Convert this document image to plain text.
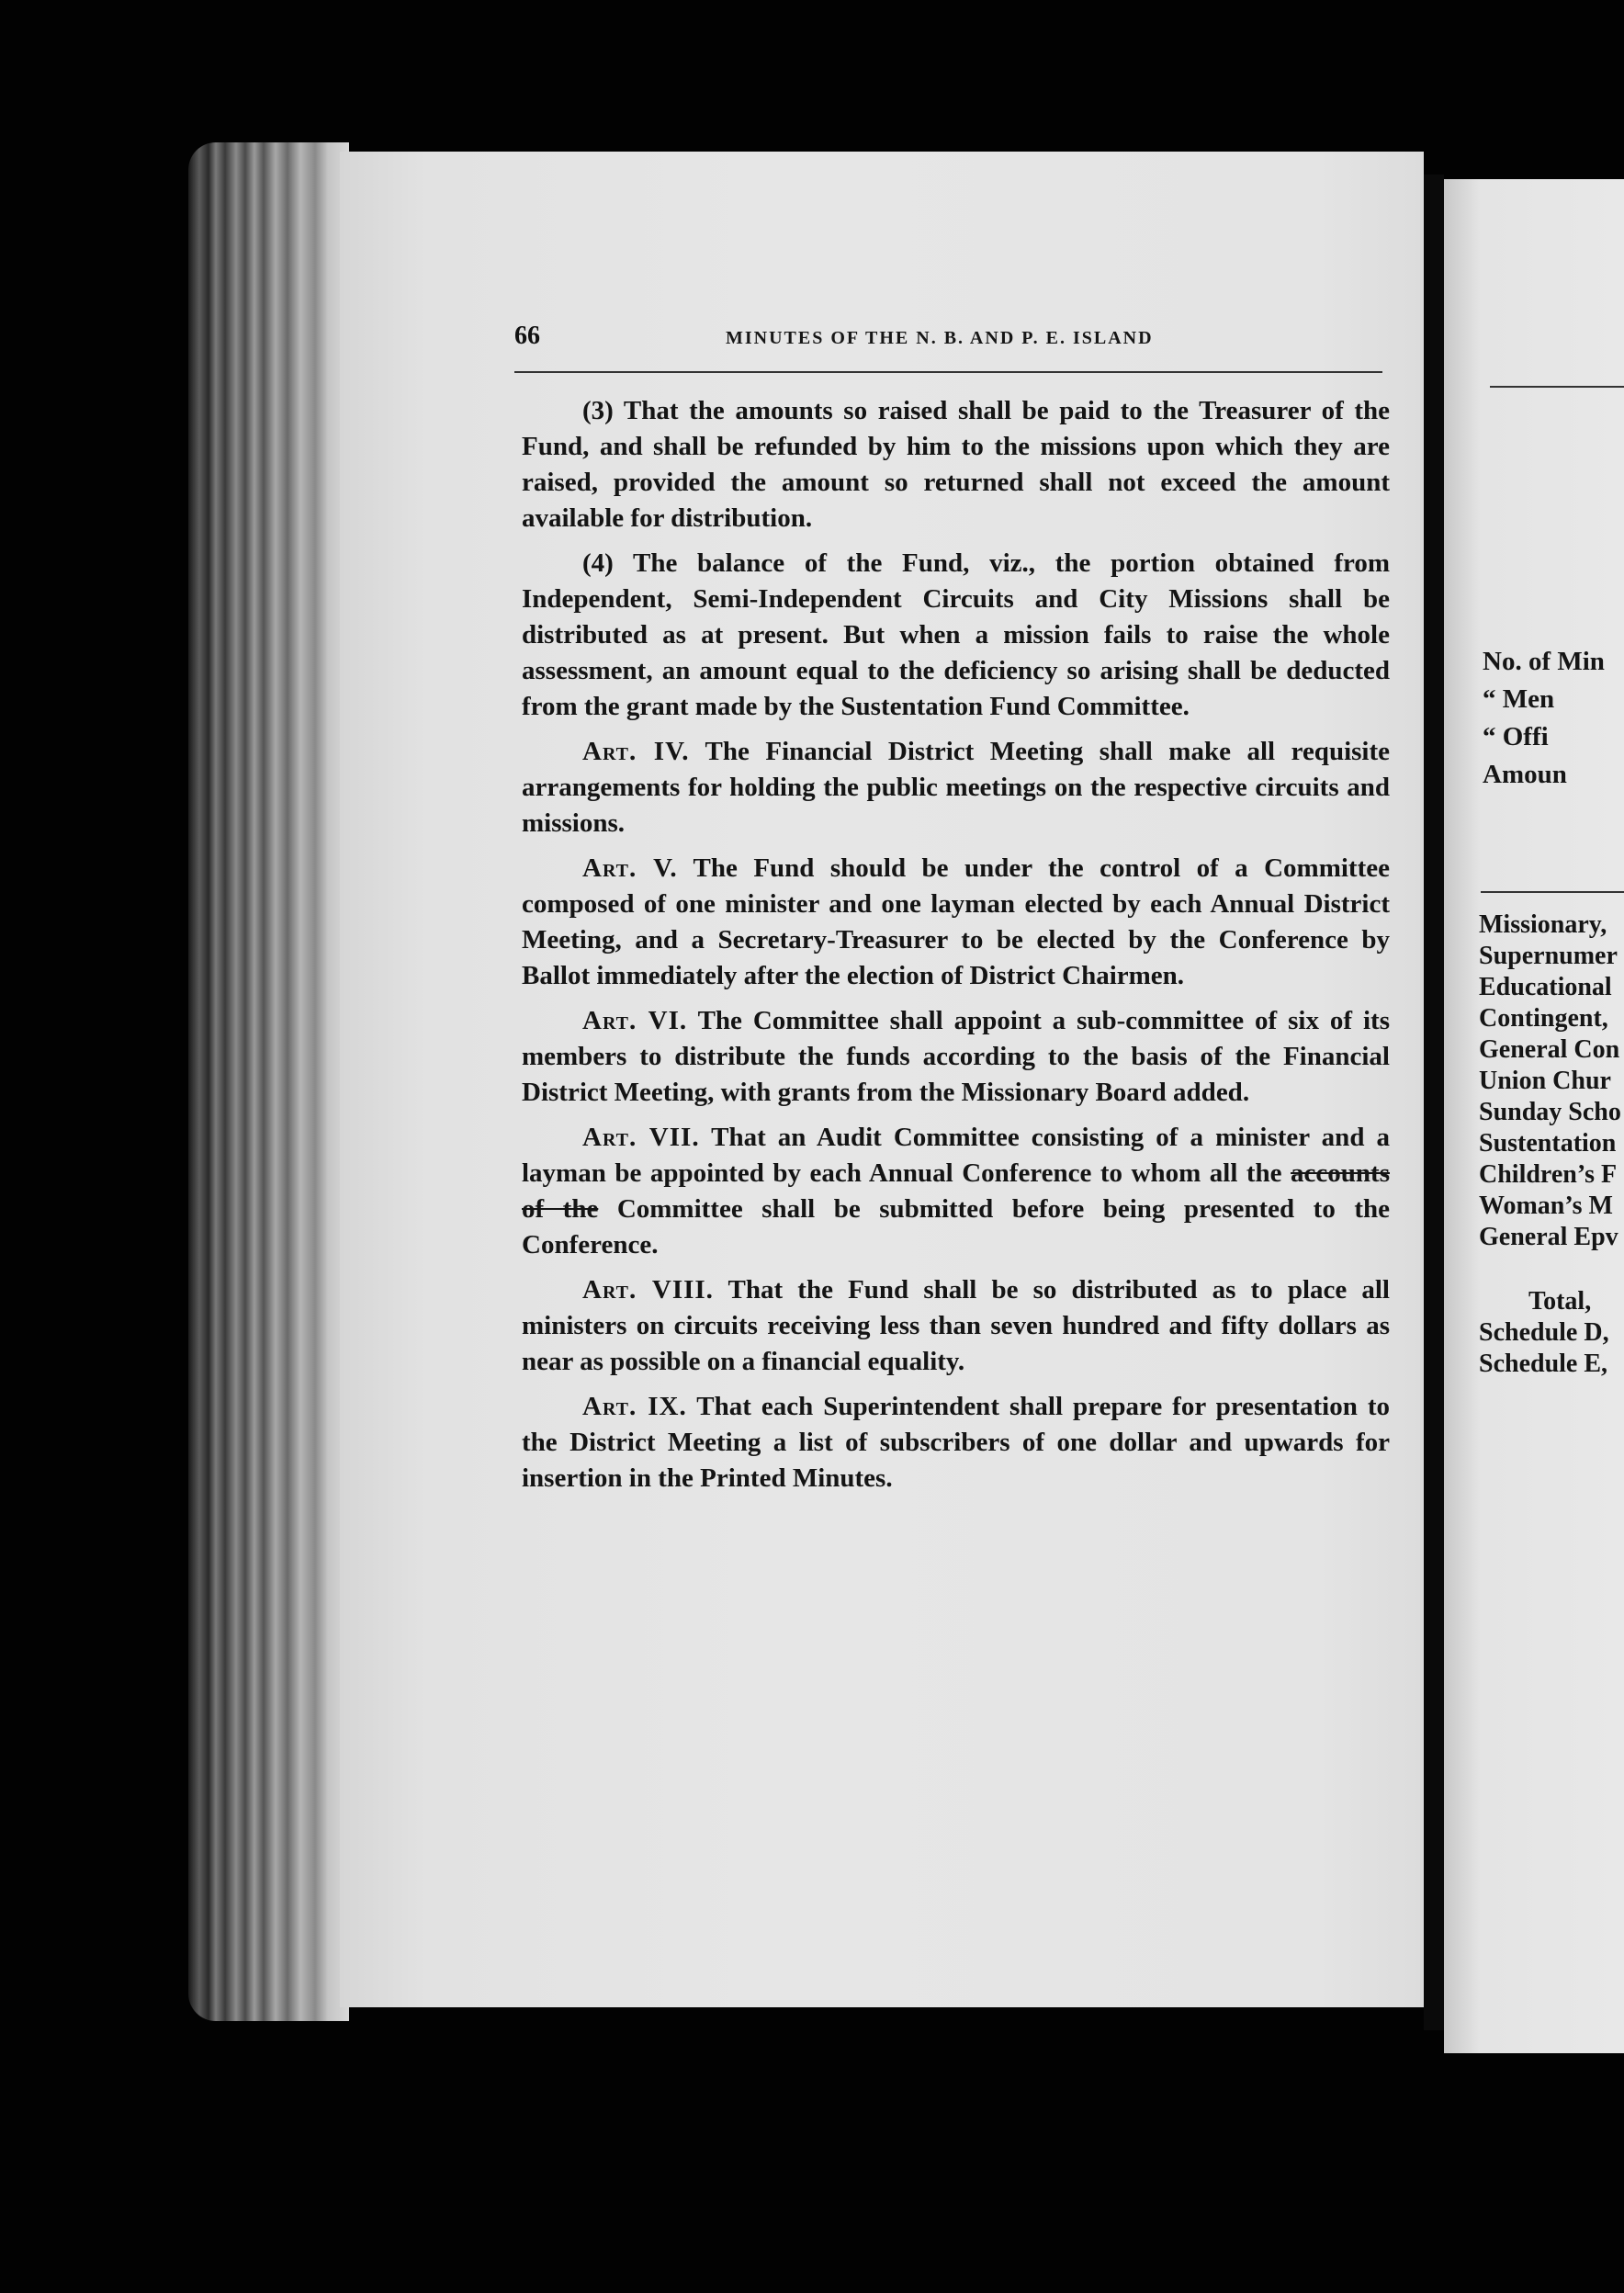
66	MINUTES OF THE N. B. AND P. E. ISLAND

(3) That the amounts so raised shall be paid to the Treasurer of the Fund, and shall be refunded by him to the missions upon which they are raised, provided the amount so returned shall not exceed the amount available for distribution.

(4) The balance of the Fund, viz., the portion obtained from Independent, Semi-Independent Circuits and City Missions shall be distributed as at present. But when a mission fails to raise the whole assessment, an amount equal to the deficiency so arising shall be deducted from the grant made by the Sustentation Fund Committee.

Art. IV. The Financial District Meeting shall make all requisite arrangements for holding the public meetings on the respective circuits and missions.

Art. V. The Fund should be under the control of a Committee composed of one minister and one layman elected by each Annual District Meeting, and a Secretary-Treasurer to be elected by the Conference by Ballot immediately after the election of District Chairmen.

Art. VI. The Committee shall appoint a sub-committee of six of its members to distribute the funds according to the basis of the Financial District Meeting, with grants from the Missionary Board added.

Art. VII. That an Audit Committee consisting of a minister and a layman be appointed by each Annual Conference to whom all the accounts of the Committee shall be submitted before being presented to the Conference.

Art. VIII. That the Fund shall be so distributed as to place all ministers on circuits receiving less than seven hundred and fifty dollars as near as possible on a financial equality.

Art. IX. That each Superintendent shall prepare for presentation to the District Meeting a list of subscribers of one dollar and upwards for insertion in the Printed Minutes.

No. of Min
“ Men
“ Offi
Amoun
Missionary,
Supernumer
Educational
Contingent,
General Con
Union Chur
Sunday Scho
Sustentation
Children’s F
Woman’s M
General Epv
Total,
Schedule D,
Schedule E,
